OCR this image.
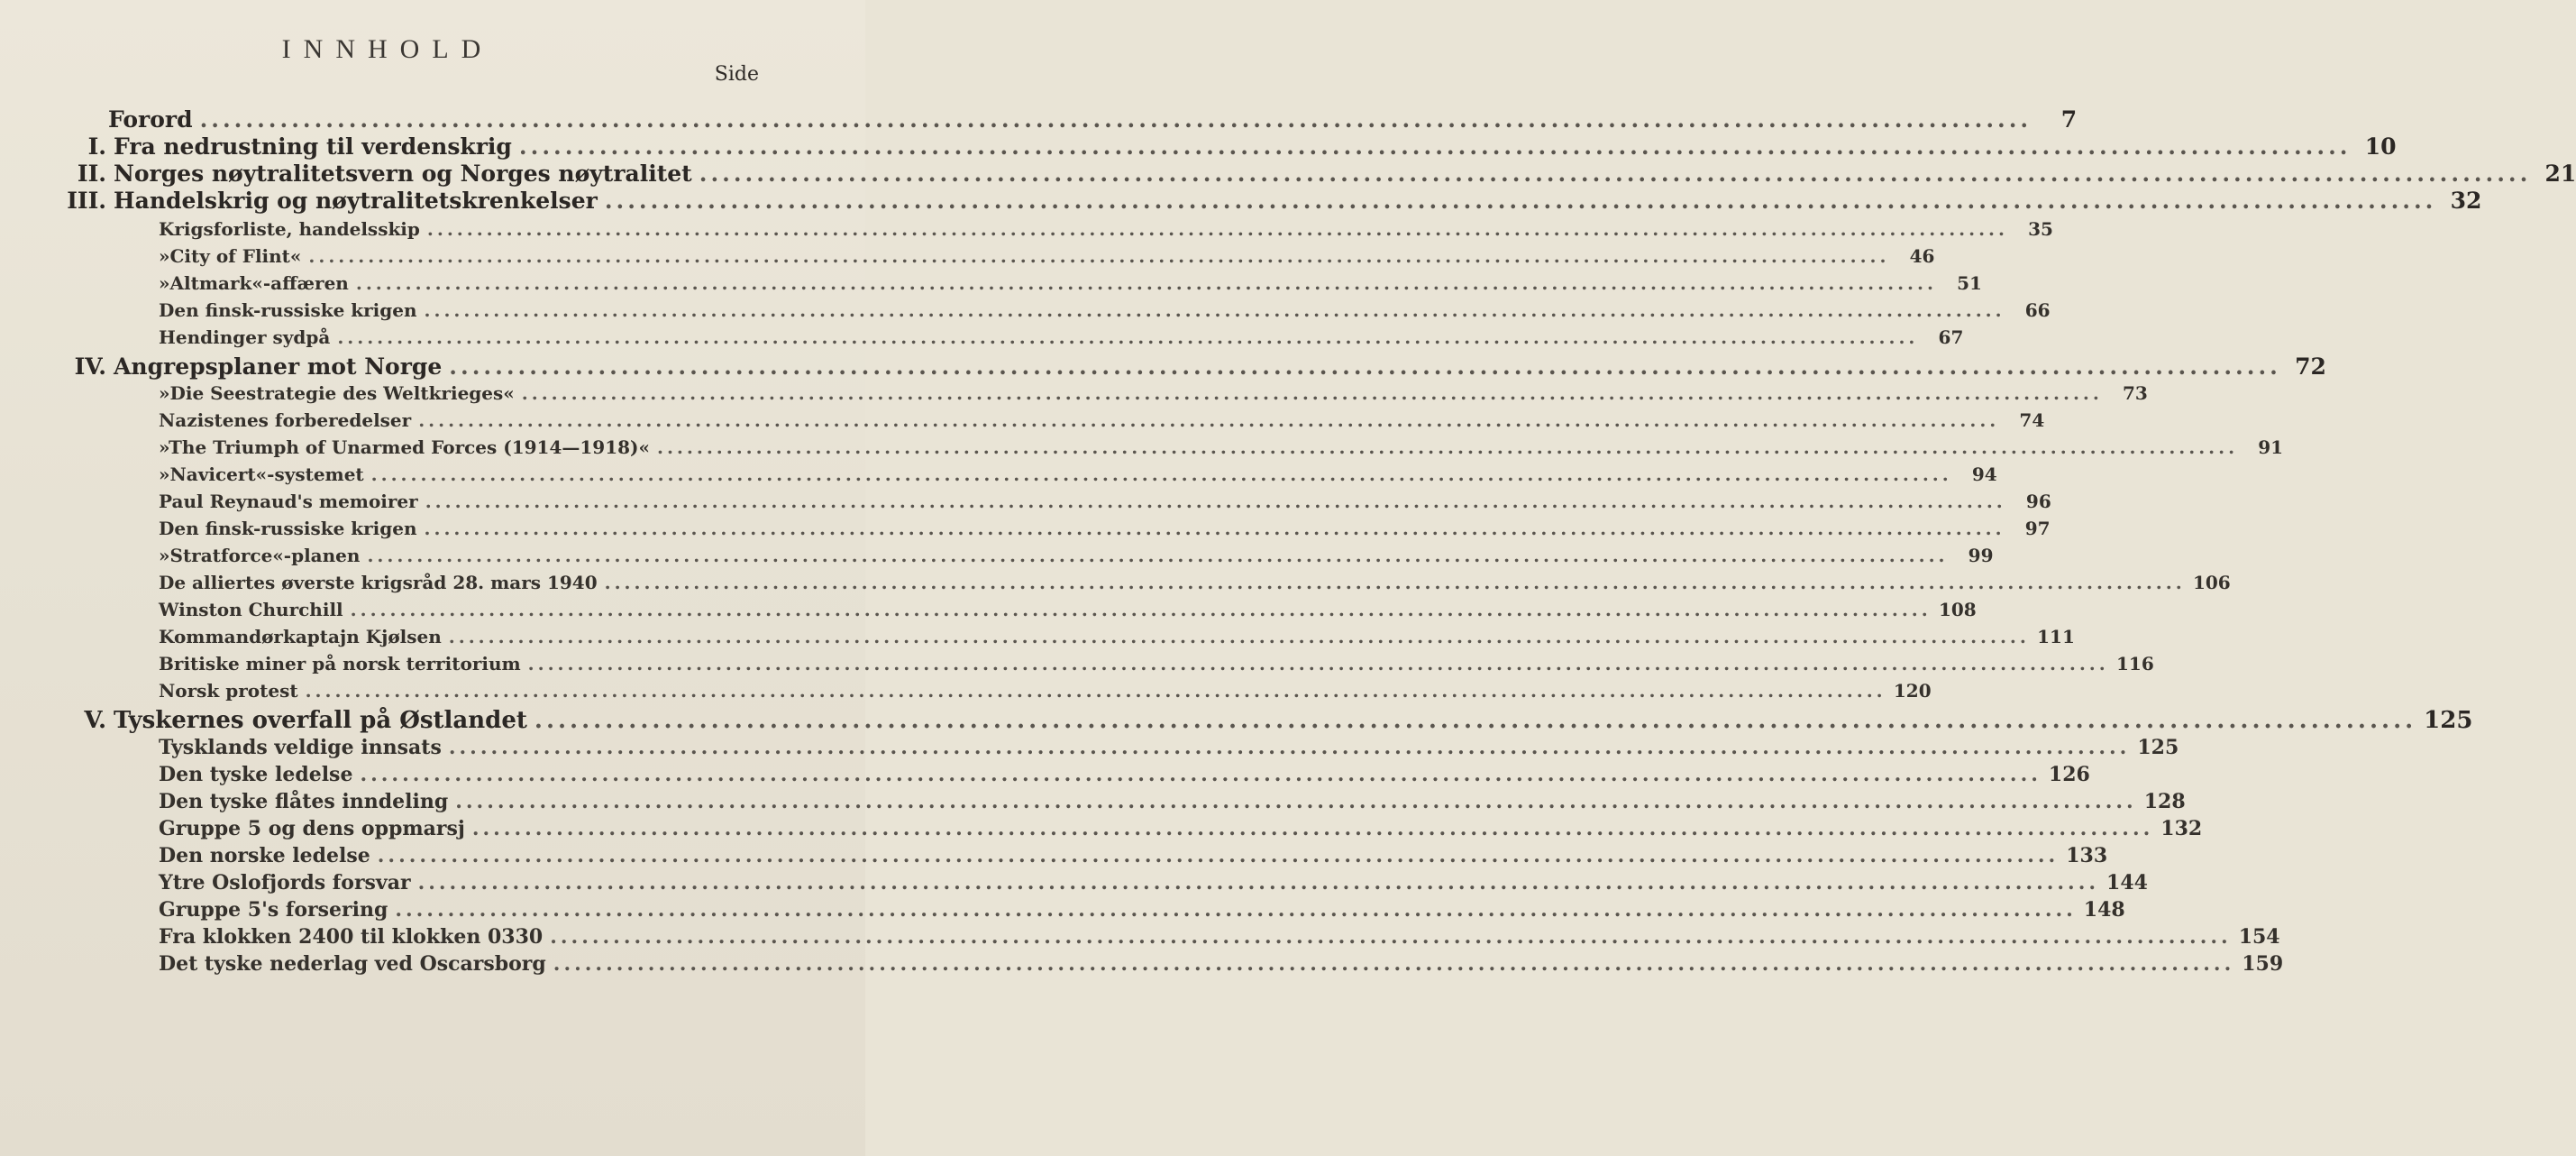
INNHOLD
Side
Forord .....	7
I. Fra nedrustning til verdenskrig .....	10
II. Norges nøytralitetsvern og Norges nøytralitet .....	21
III. Handelskrig og nøytralitetskrenkelser .....	32
Krigsforliste, handelsskip .....	35
»City of Flint« .....	46
»Altmark«-affæren .....	51
Den finsk-russiske krigen .....	66
Hendinger sydpå .....	67
IV. Angrepsplaner mot Norge .....	72
»Die Seestrategie des Weltkrieges« .....	73
Nazistenes forberedelser .....	74
»The Triumph of Unarmed Forces (1914—1918)« .....	91
»Navicert«-systemet .....	94
Paul Reynaud's memoirer .....	96
Den finsk-russiske krigen .....	97
»Stratforce«-planen .....	99
De alliertes øverste krigsråd 28. mars 1940 .....	106
Winston Churchill .....	108
Kommandørkaptajn Kjølsen .....	111
Britiske miner på norsk territorium .....	116
Norsk protest .....	120
V. Tyskernes overfall på Østlandet .....	125
Tysklands veldige innsats .....	125
Den tyske ledelse .....	126
Den tyske flåtes inndeling .....	128
Gruppe 5 og dens oppmarsj .....	132
Den norske ledelse .....	133
Ytre Oslofjords forsvar .....	144
Gruppe 5's forsering .....	148
Fra klokken 2400 til klokken 0330 .....	154
Det tyske nederlag ved Oscarsborg .....	159
